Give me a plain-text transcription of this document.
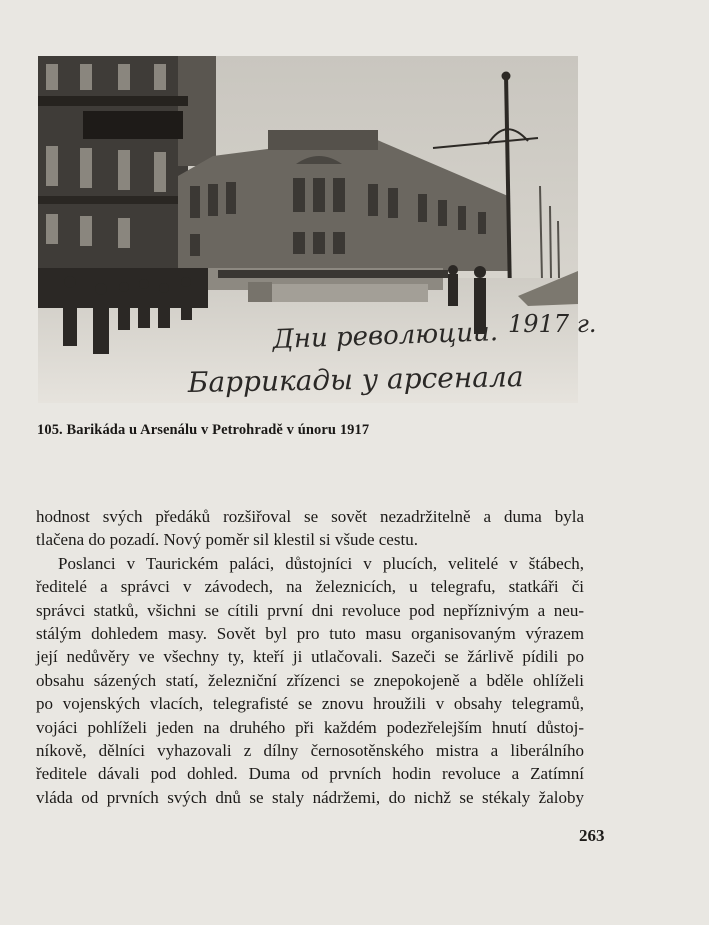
Дни революции. 1917 г.
Баррикады у арсенала
105. Barikáda u Arsenálu v Petrohradě v únoru 1917
hodnost svých předáků rozšiřoval se sovět nezadržitelně a duma byla
tlačena do pozadí. Nový poměr sil klestil si všude cestu.
Poslanci v Taurickém paláci, důstojníci v plucích, velitelé v štábech,
ředitelé a správci v závodech, na železnicích, u telegrafu, statkáři či
správci statků, všichni se cítili první dni revoluce pod nepříznivým a neu-
stálým dohledem masy. Sovět byl pro tuto masu organisovaným výrazem
její nedůvěry ve všechny ty, kteří ji utlačovali. Sazeči se žárlivě pídili po
obsahu sázených statí, železniční zřízenci se znepokojeně a bděle ohlíželi
po vojenských vlacích, telegrafisté se znovu hroužili v obsahy telegramů,
vojáci pohlíželi jeden na druhého při každém podezřelejším hnutí důstoj-
níkově, dělníci vyhazovali z dílny černosotěnského mistra a liberálního
ředitele dávali pod dohled. Duma od prvních hodin revoluce a Zatímní
vláda od prvních svých dnů se staly nádržemi, do nichž se stékaly žaloby
263
